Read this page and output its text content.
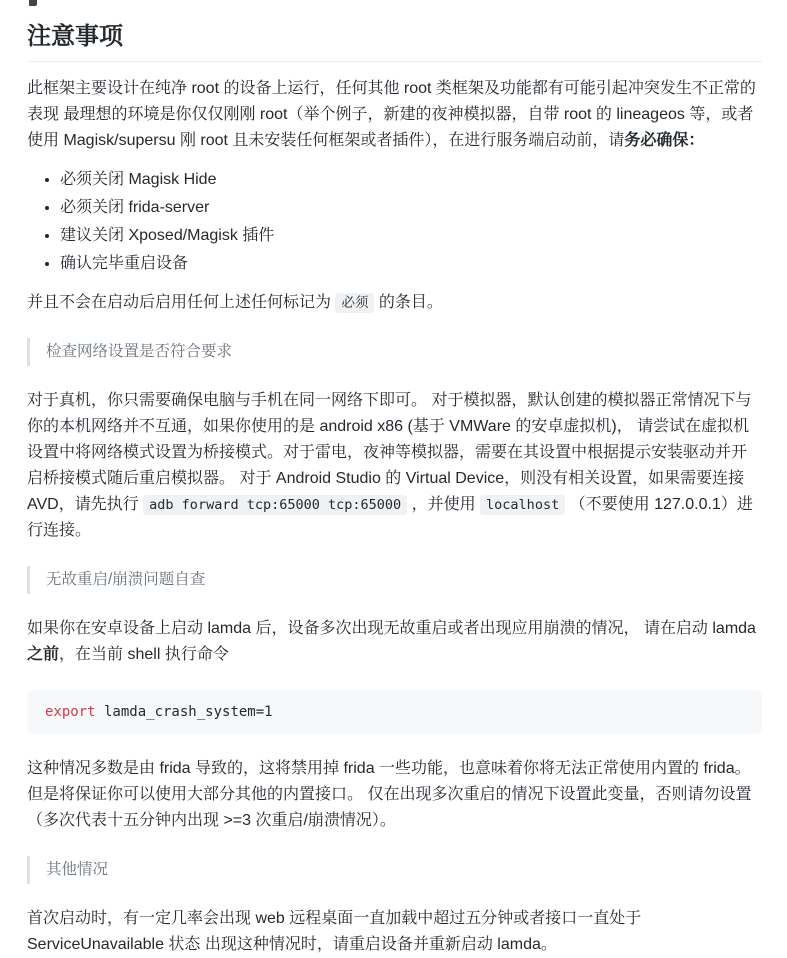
注意事项

此框架主要设计在纯净 root 的设备上运行，任何其他 root 类框架及功能都有可能引起冲突发生不正常的表现 最理想的环境是你仅仅刚刚 root（举个例子，新建的夜神模拟器，自带 root 的 lineageos 等，或者使用 Magisk/supersu 刚 root 且未安装任何框架或者插件），在进行服务端启动前，请务必确保：

• 必须关闭 Magisk Hide
• 必须关闭 frida-server
• 建议关闭 Xposed/Magisk 插件
• 确认完毕重启设备

并且不会在启动后启用任何上述任何标记为 必须 的条目。

检查网络设置是否符合要求

对于真机，你只需要确保电脑与手机在同一网络下即可。 对于模拟器，默认创建的模拟器正常情况下与你的本机网络并不互通，如果你使用的是 android x86 (基于 VMWare 的安卓虚拟机)， 请尝试在虚拟机设置中将网络模式设置为桥接模式。对于雷电，夜神等模拟器，需要在其设置中根据提示安装驱动并开启桥接模式随后重启模拟器。 对于 Android Studio 的 Virtual Device，则没有相关设置，如果需要连接 AVD，请先执行 adb forward tcp:65000 tcp:65000 ，并使用 localhost （不要使用 127.0.0.1）进行连接。

无故重启/崩溃问题自查

如果你在安卓设备上启动 lamda 后，设备多次出现无故重启或者出现应用崩溃的情况， 请在启动 lamda 之前，在当前 shell 执行命令

export lamda_crash_system=1

这种情况多数是由 frida 导致的，这将禁用掉 frida 一些功能，也意味着你将无法正常使用内置的 frida。 但是将保证你可以使用大部分其他的内置接口。 仅在出现多次重启的情况下设置此变量，否则请勿设置（多次代表十五分钟内出现 >=3 次重启/崩溃情况）。

其他情况

首次启动时，有一定几率会出现 web 远程桌面一直加载中超过五分钟或者接口一直处于 ServiceUnavailable 状态 出现这种情况时，请重启设备并重新启动 lamda。
